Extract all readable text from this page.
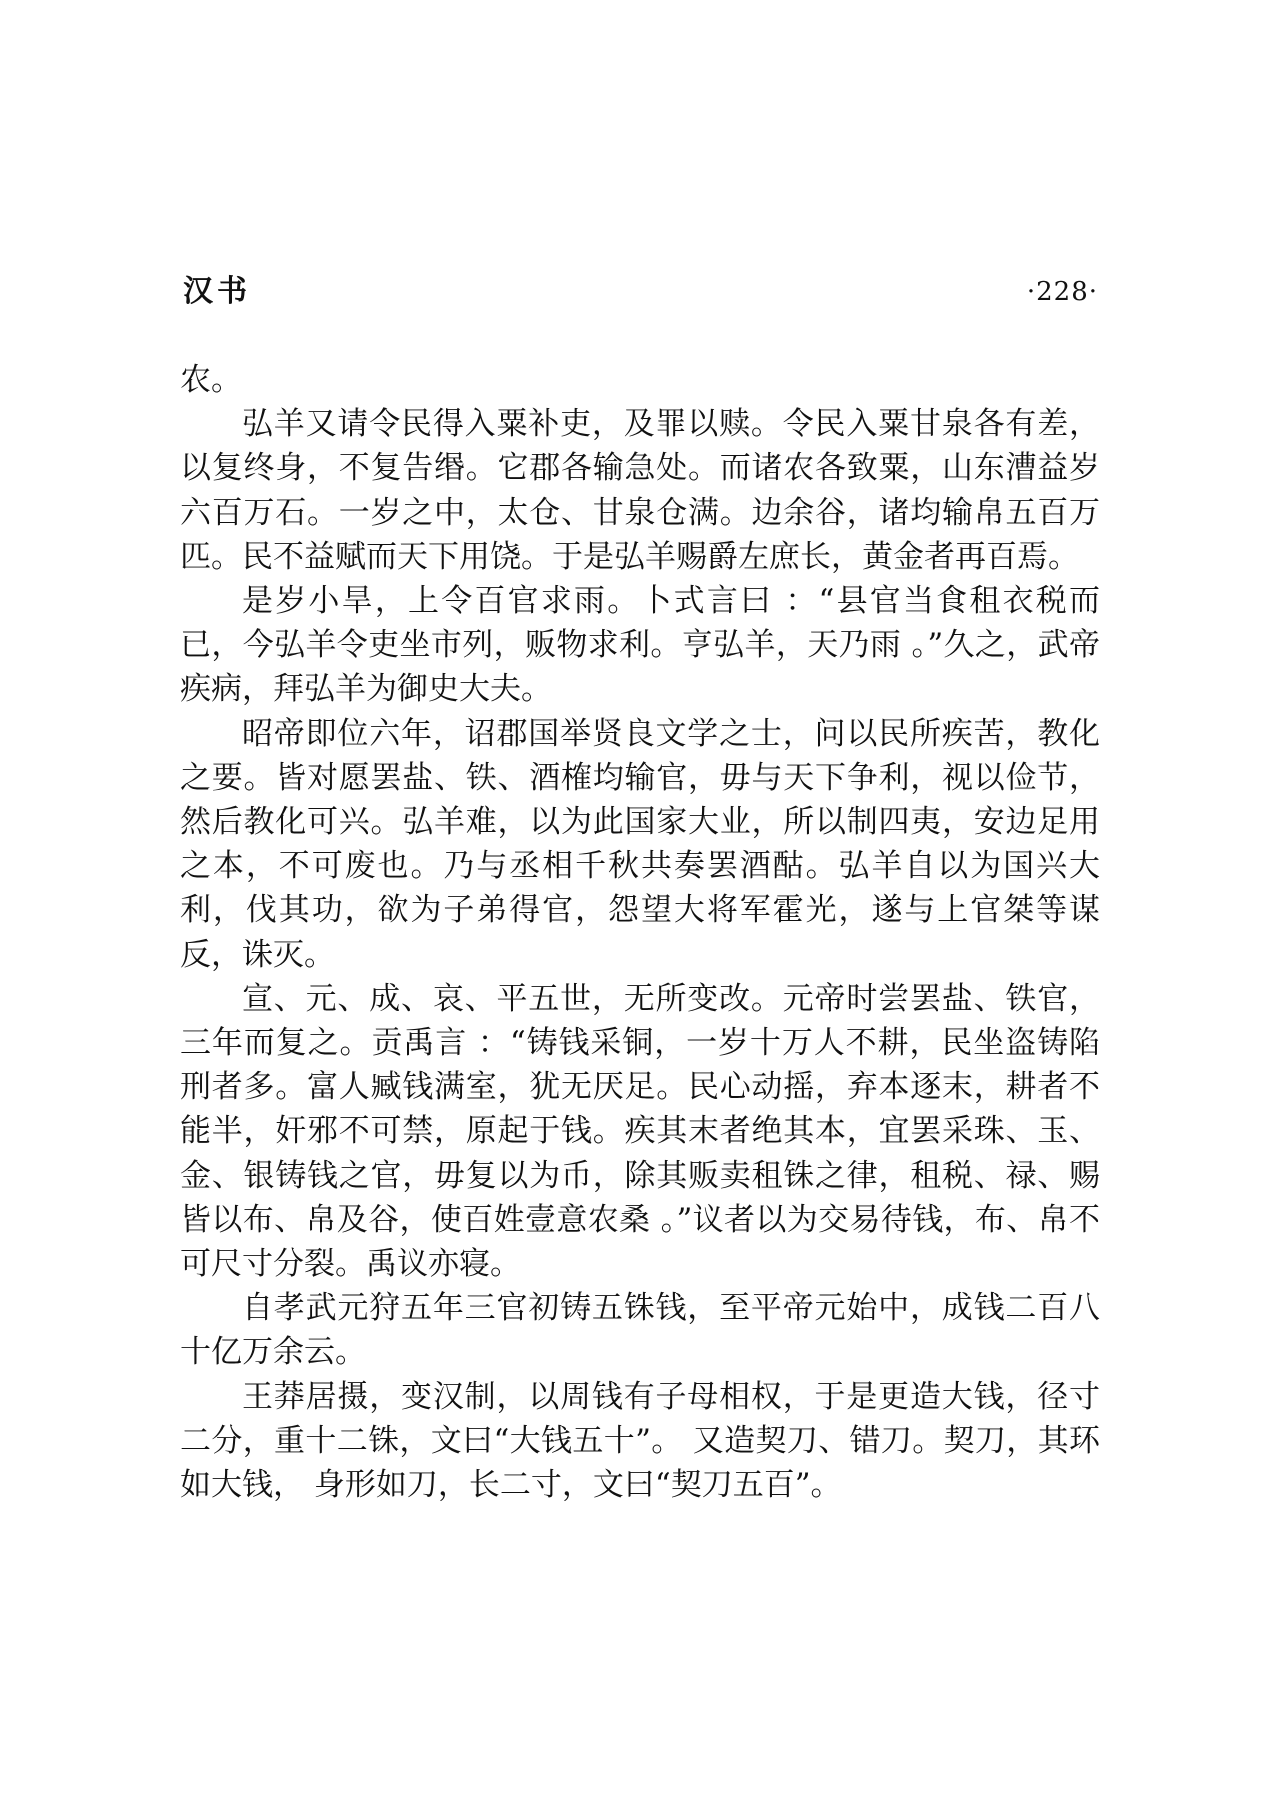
汉书	·228·

农。

弘羊又请令民得入粟补吏，及罪以赎。令民入粟甘泉各有差，以复终身，不复告缗。它郡各输急处。而诸农各致粟，山东漕益岁六百万石。一岁之中，太仓、甘泉仓满。边余谷，诸均输帛五百万匹。民不益赋而天下用饶。于是弘羊赐爵左庶长，黄金者再百焉。

是岁小旱，上令百官求雨。卜式言曰 ：“县官当食租衣税而已，今弘羊令吏坐市列，贩物求利。亨弘羊，天乃雨 。”久之，武帝疾病，拜弘羊为御史大夫。

昭帝即位六年，诏郡国举贤良文学之士，问以民所疾苦，教化之要。皆对愿罢盐、铁、酒榷均输官，毋与天下争利，视以俭节，然后教化可兴。弘羊难，以为此国家大业，所以制四夷，安边足用之本，不可废也。乃与丞相千秋共奏罢酒酤。弘羊自以为国兴大利，伐其功，欲为子弟得官，怨望大将军霍光，遂与上官桀等谋反，诛灭。

宣、元、成、哀、平五世，无所变改。元帝时尝罢盐、铁官，三年而复之。贡禹言 ：“铸钱采铜，一岁十万人不耕，民坐盗铸陷刑者多。富人臧钱满室，犹无厌足。民心动摇，弃本逐末，耕者不能半，奸邪不可禁，原起于钱。疾其末者绝其本，宜罢采珠、玉、金、银铸钱之官，毋复以为币，除其贩卖租铢之律，租税、禄、赐皆以布、帛及谷，使百姓壹意农桑 。”议者以为交易待钱，布、帛不可尺寸分裂。禹议亦寝。

自孝武元狩五年三官初铸五铢钱，至平帝元始中，成钱二百八十亿万余云。

王莽居摄，变汉制，以周钱有子母相权，于是更造大钱，径寸二分，重十二铢，文曰“大钱五十”。 又造契刀、错刀。契刀，其环如大钱， 身形如刀，长二寸，文曰“契刀五百”。
